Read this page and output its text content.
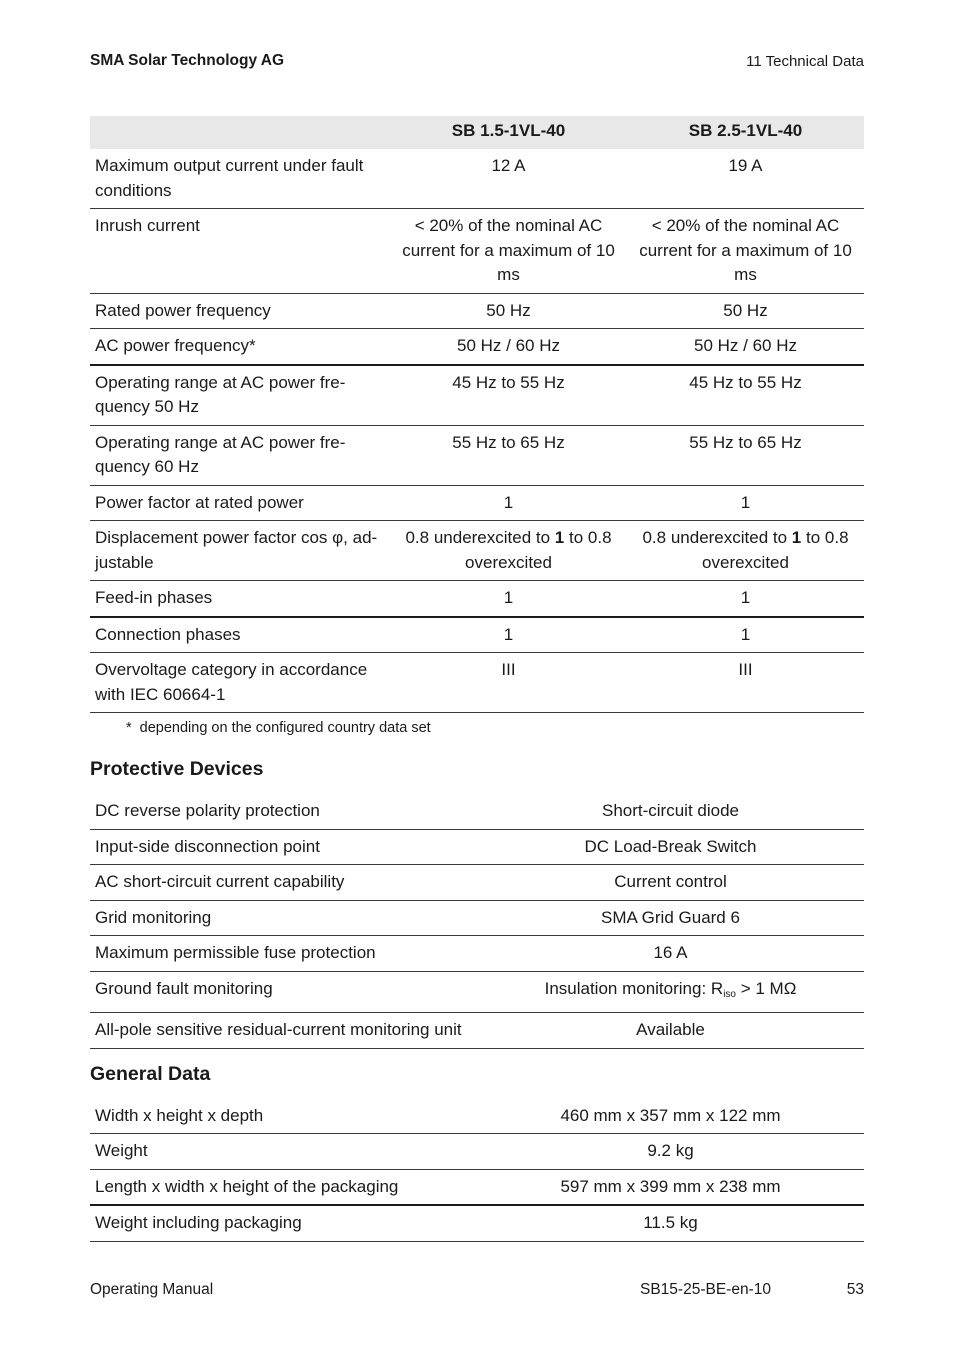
SMA Solar Technology AG	11 Technical Data
	SB 1.5-1VL-40	SB 2.5-1VL-40
Maximum output current under fault conditions	12 A	19 A
Inrush current	< 20% of the nominal AC current for a maximum of 10 ms	< 20% of the nominal AC current for a maximum of 10 ms
Rated power frequency	50 Hz	50 Hz
AC power frequency*	50 Hz / 60 Hz	50 Hz / 60 Hz
Operating range at AC power fre-quency 50 Hz	45 Hz to 55 Hz	45 Hz to 55 Hz
Operating range at AC power fre-quency 60 Hz	55 Hz to 65 Hz	55 Hz to 65 Hz
Power factor at rated power	1	1
Displacement power factor cos φ, ad-justable	0.8 underexcited to 1 to 0.8 overexcited	0.8 underexcited to 1 to 0.8 overexcited
Feed-in phases	1	1
Connection phases	1	1
Overvoltage category in accordance with IEC 60664-1	III	III
* depending on the configured country data set
Protective Devices
DC reverse polarity protection	Short-circuit diode
Input-side disconnection point	DC Load-Break Switch
AC short-circuit current capability	Current control
Grid monitoring	SMA Grid Guard 6
Maximum permissible fuse protection	16 A
Ground fault monitoring	Insulation monitoring: $R_{iso} > 1$ MΩ
All-pole sensitive residual-current monitoring unit	Available
General Data
Width x height x depth	460 mm x 357 mm x 122 mm
Weight	9.2 kg
Length x width x height of the packaging	597 mm x 399 mm x 238 mm
Weight including packaging	11.5 kg
Operating Manual	SB15-25-BE-en-10	53
